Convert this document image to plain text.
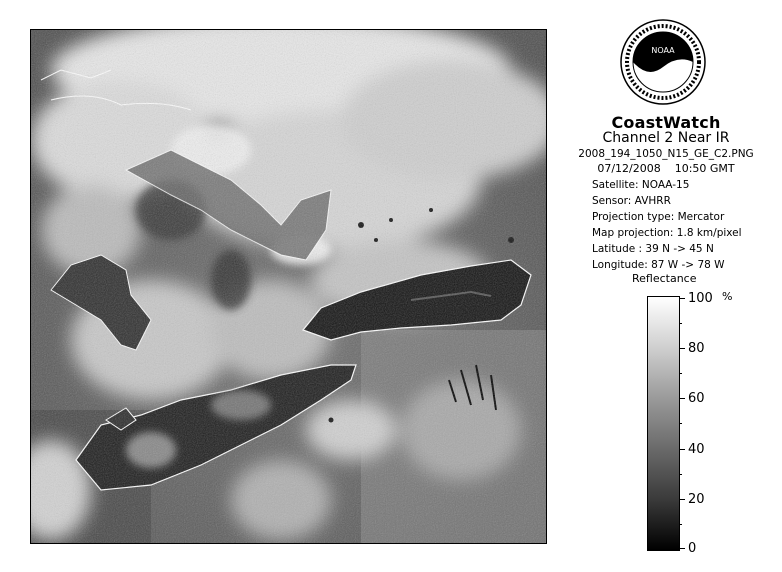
NOAA
CoastWatch
Channel 2 Near IR
2008_194_1050_N15_GE_C2.PNG
07/12/2008    10:50 GMT
Satellite: NOAA-15
Sensor: AVHRR
Projection type: Mercator
Map projection: 1.8 km/pixel
Latitude : 39 N -> 45 N
Longitude: 87 W -> 78 W
Reflectance
%
100
80
60
40
20
0
